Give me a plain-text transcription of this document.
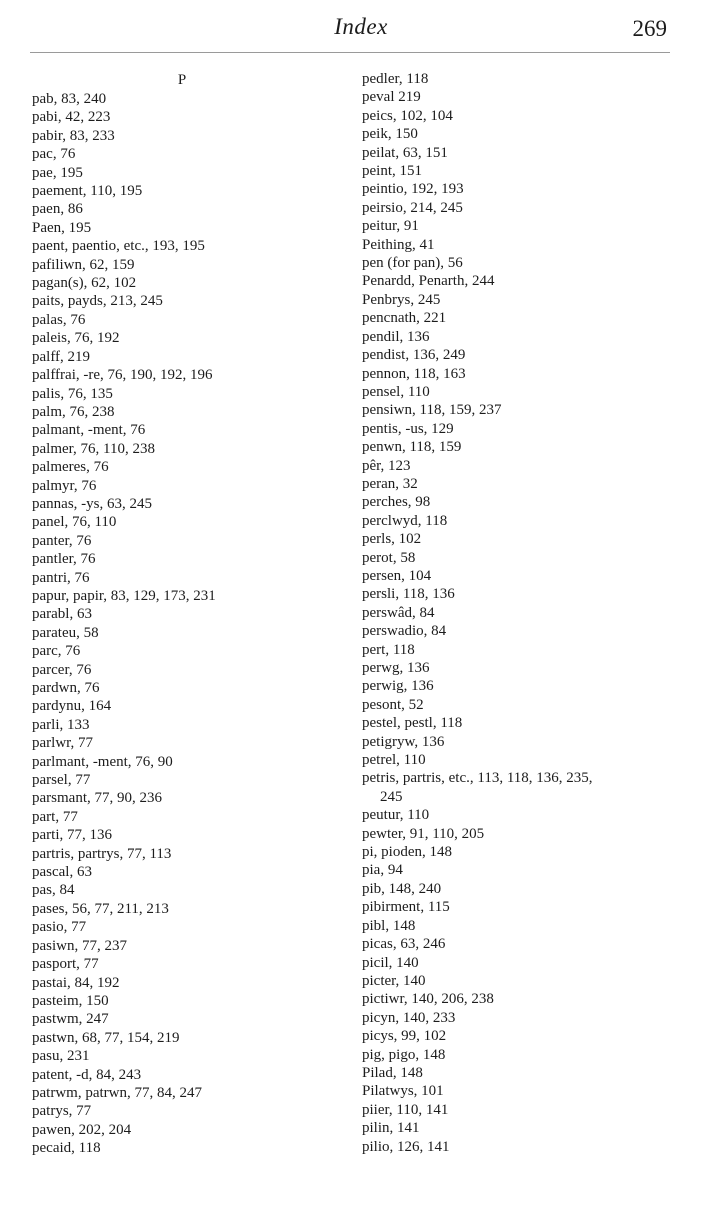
Index	269
P
pab, 83, 240
pabi, 42, 223
pabir, 83, 233
pac, 76
pae, 195
paement, 110, 195
paen, 86
Paen, 195
paent, paentio, etc., 193, 195
pafiliwn, 62, 159
pagan(s), 62, 102
paits, payds, 213, 245
palas, 76
paleis, 76, 192
palff, 219
palffrai, -re, 76, 190, 192, 196
palis, 76, 135
palm, 76, 238
palmant, -ment, 76
palmer, 76, 110, 238
palmeres, 76
palmyr, 76
pannas, -ys, 63, 245
panel, 76, 110
panter, 76
pantler, 76
pantri, 76
papur, papir, 83, 129, 173, 231
parabl, 63
parateu, 58
parc, 76
parcer, 76
pardwn, 76
pardynu, 164
parli, 133
parlwr, 77
parlmant, -ment, 76, 90
parsel, 77
parsmant, 77, 90, 236
part, 77
parti, 77, 136
partris, partrys, 77, 113
pascal, 63
pas, 84
pases, 56, 77, 211, 213
pasio, 77
pasiwn, 77, 237
pasport, 77
pastai, 84, 192
pasteim, 150
pastwm, 247
pastwn, 68, 77, 154, 219
pasu, 231
patent, -d, 84, 243
patrwm, patrwn, 77, 84, 247
patrys, 77
pawen, 202, 204
pecaid, 118
pedler, 118
peval 219
peics, 102, 104
peik, 150
peilat, 63, 151
peint, 151
peintio, 192, 193
peirsio, 214, 245
peitur, 91
Peithing, 41
pen (for pan), 56
Penardd, Penarth, 244
Penbrys, 245
pencnath, 221
pendil, 136
pendist, 136, 249
pennon, 118, 163
pensel, 110
pensiwn, 118, 159, 237
pentis, -us, 129
penwn, 118, 159
pêr, 123
peran, 32
perches, 98
perclwyd, 118
perls, 102
perot, 58
persen, 104
persli, 118, 136
perswâd, 84
perswadio, 84
pert, 118
perwg, 136
perwig, 136
pesont, 52
pestel, pestl, 118
petigryw, 136
petrel, 110
petris, partris, etc., 113, 118, 136, 235,
245
peutur, 110
pewter, 91, 110, 205
pi, pioden, 148
pia, 94
pib, 148, 240
pibirment, 115
pibl, 148
picas, 63, 246
picil, 140
picter, 140
pictiwr, 140, 206, 238
picyn, 140, 233
picys, 99, 102
pig, pigo, 148
Pilad, 148
Pilatwys, 101
piier, 110, 141
pilin, 141
pilio, 126, 141
